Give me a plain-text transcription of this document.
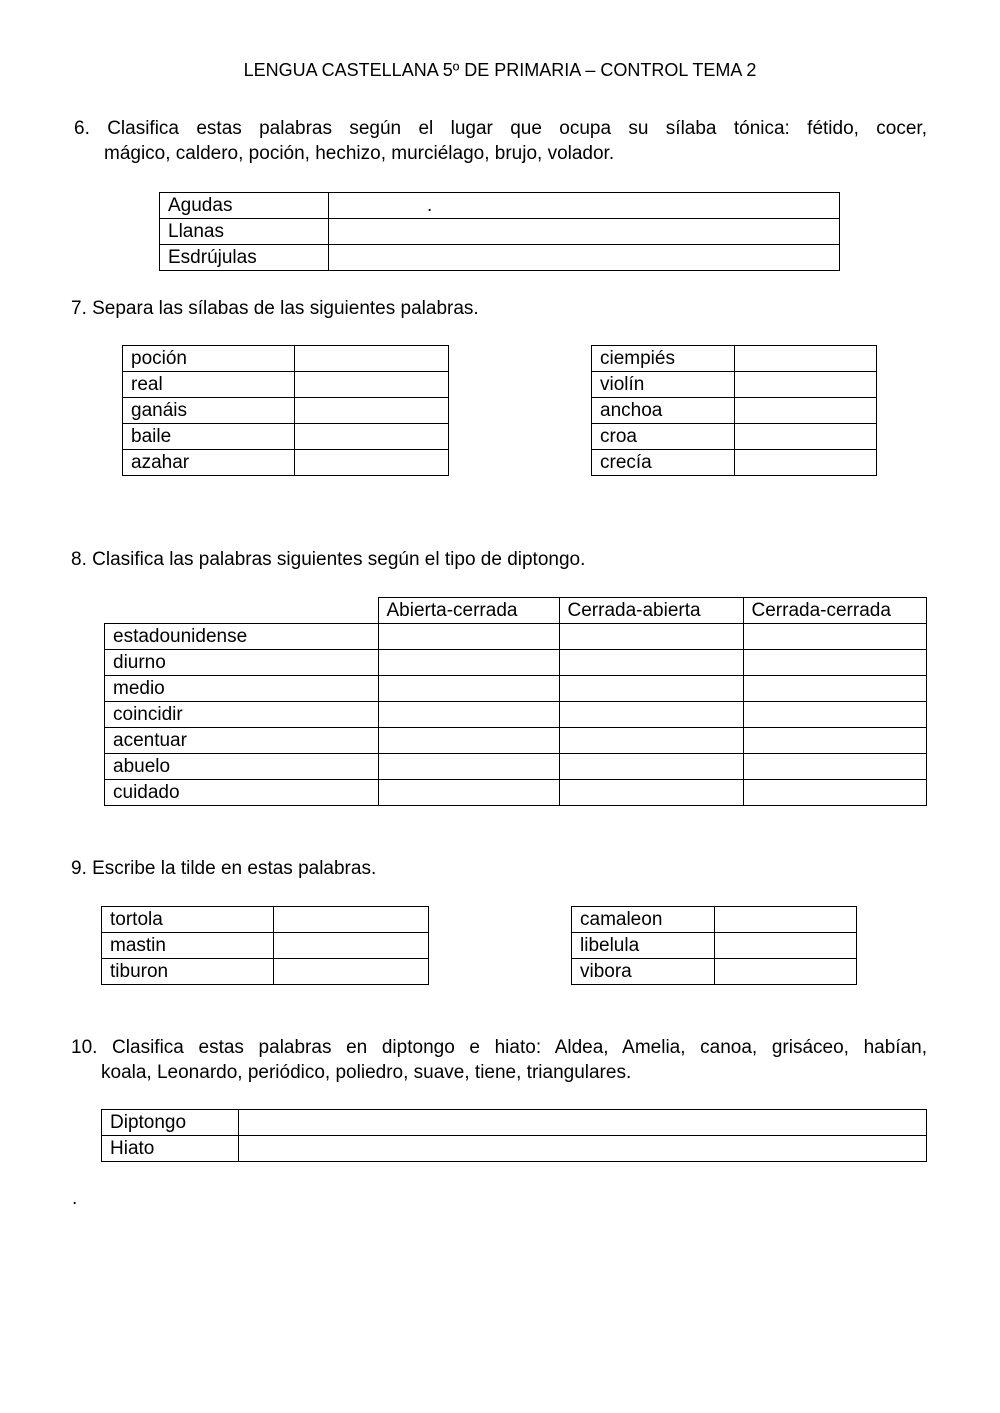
LENGUA CASTELLANA 5º DE PRIMARIA – CONTROL TEMA 2
6. Clasifica estas palabras según el lugar que ocupa su sílaba tónica: fétido, cocer,
mágico, caldero, poción, hechizo, murciélago, brujo, volador.
Agudas	.
Llanas	
Esdrújulas	
7. Separa las sílabas de las siguientes palabras.
poción	
real	
ganáis	
baile	
azahar	
ciempiés	
violín	
anchoa	
croa	
crecía	
8. Clasifica las palabras siguientes según el tipo de diptongo.
	Abierta-cerrada	Cerrada-abierta	Cerrada-cerrada
estadounidense			
diurno			
medio			
coincidir			
acentuar			
abuelo			
cuidado			
9. Escribe la tilde en estas palabras.
tortola	
mastin	
tiburon	
camaleon	
libelula	
vibora	
10. Clasifica estas palabras en diptongo e hiato: Aldea, Amelia, canoa, grisáceo, habían,
koala, Leonardo, periódico, poliedro, suave, tiene, triangulares.
Diptongo	
Hiato	
.
